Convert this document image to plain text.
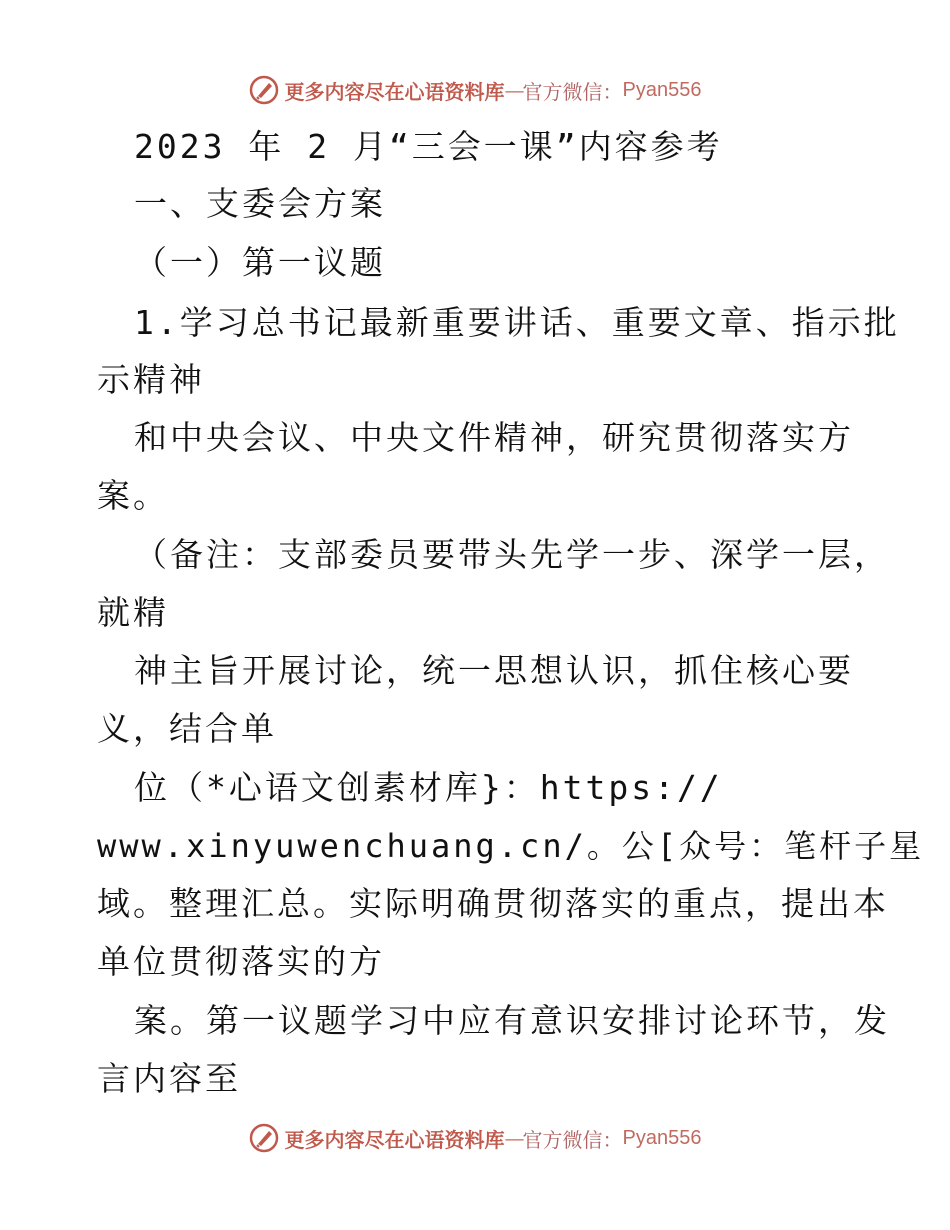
更多内容尽在心语资料库 — 官方微信： Pyan556
2023 年 2 月“三会一课”内容参考
一、支委会方案
（一）第一议题
1.学习总书记最新重要讲话、重要文章、指示批
示精神
和中央会议、中央文件精神，研究贯彻落实方
案。
（备注：支部委员要带头先学一步、深学一层，
就精
神主旨开展讨论，统一思想认识，抓住核心要
义，结合单
位（*心语文创素材库}：https://
www.xinyuwenchuang.cn/。公[众号：笔杆子星
域。整理汇总。实际明确贯彻落实的重点，提出本
单位贯彻落实的方
案。第一议题学习中应有意识安排讨论环节，发
言内容至
更多内容尽在心语资料库 — 官方微信： Pyan556
